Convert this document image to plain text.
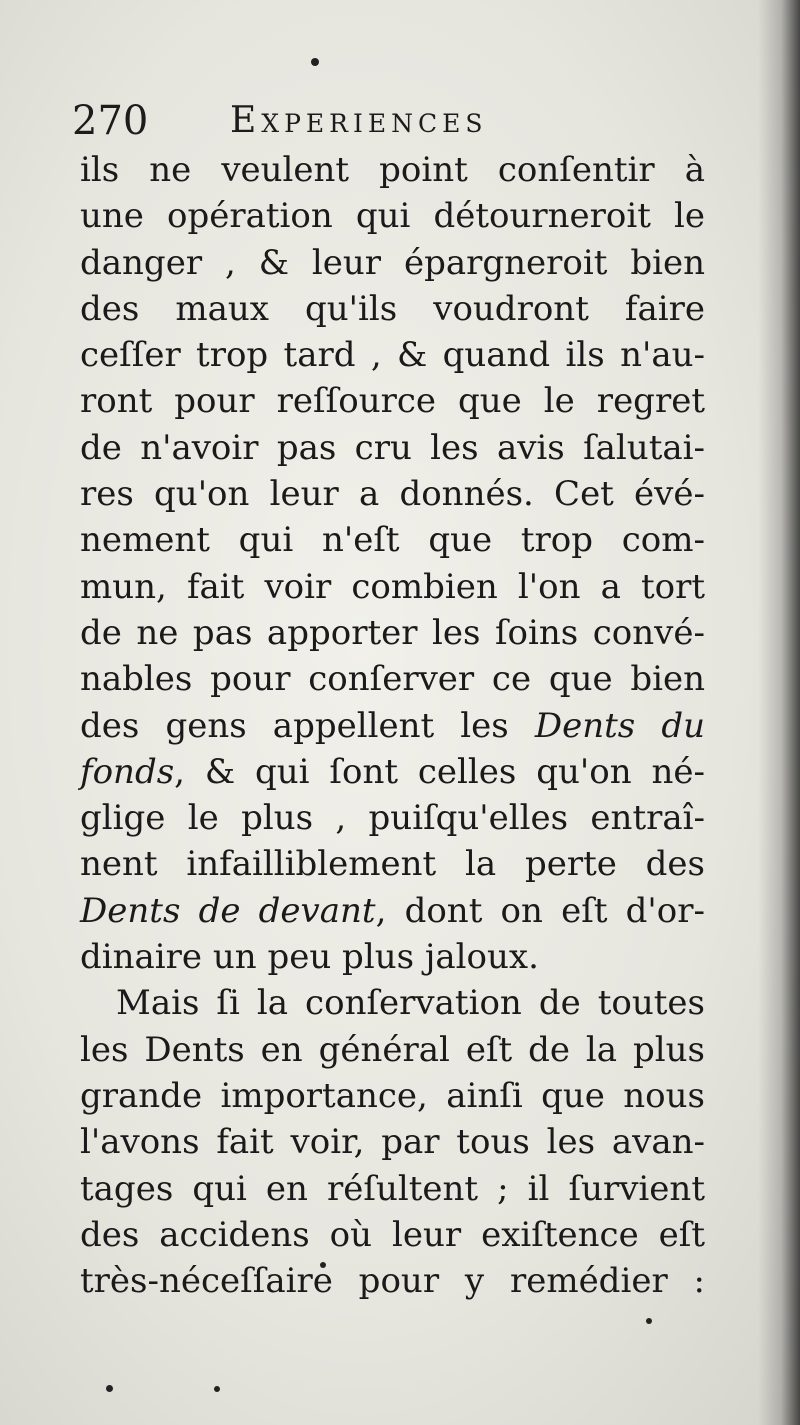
270 Experiences
ils ne veulent point conſentir à
une opération qui détourneroit le
danger , & leur épargneroit bien
des maux qu'ils voudront faire
ceſſer trop tard , & quand ils n'au-
ront pour reſſource que le regret
de n'avoir pas cru les avis ſalutai-
res qu'on leur a donnés. Cet évé-
nement qui n'eſt que trop com-
mun, fait voir combien l'on a tort
de ne pas apporter les ſoins convé-
nables pour conſerver ce que bien
des gens appellent les Dents du
fonds, & qui ſont celles qu'on né-
glige le plus , puiſqu'elles entraî-
nent infailliblement la perte des
Dents de devant, dont on eſt d'or-
dinaire un peu plus jaloux.
Mais ſi la conſervation de toutes
les Dents en général eſt de la plus
grande importance, ainſi que nous
l'avons fait voir, par tous les avan-
tages qui en réſultent ; il ſurvient
des accidens où leur exiſtence eſt
très-néceſſaire pour y remédier :
